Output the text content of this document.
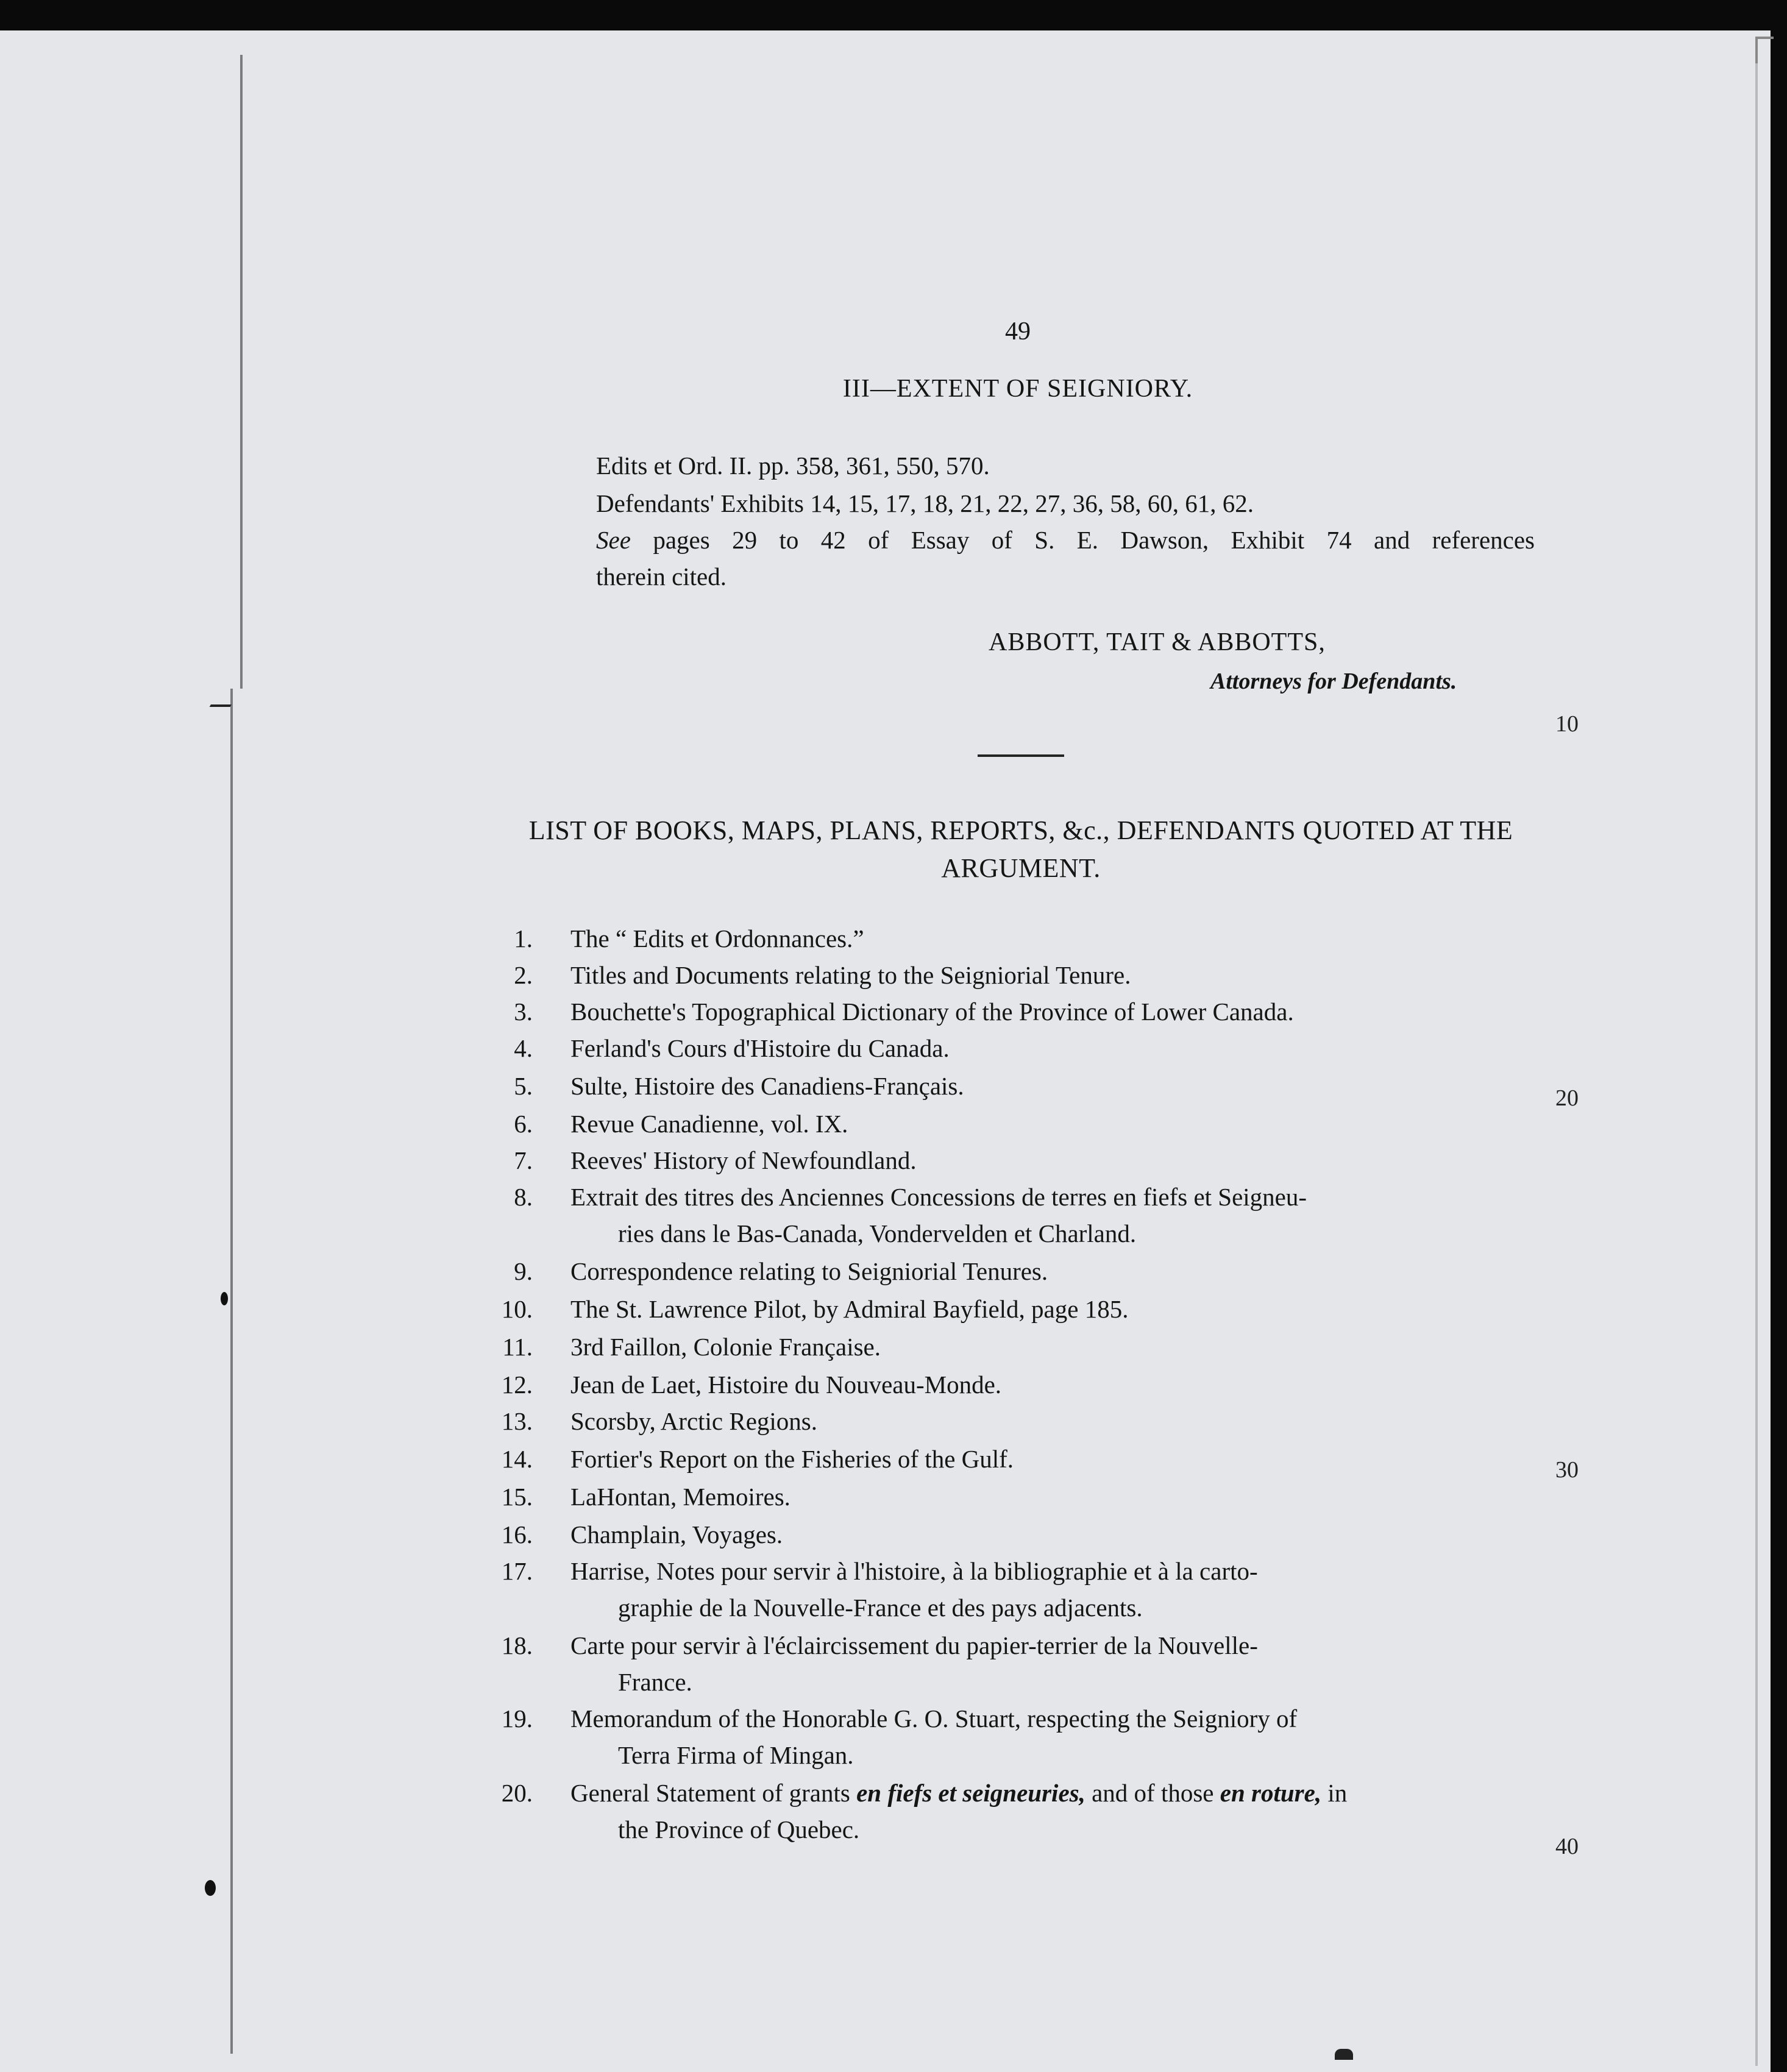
49

III—EXTENT OF SEIGNIORY.

Edits et Ord. II. pp. 358, 361, 550, 570.

Defendants' Exhibits 14, 15, 17, 18, 21, 22, 27, 36, 58, 60, 61, 62.

See pages 29 to 42 of Essay of S. E. Dawson, Exhibit 74 and references

therein cited.

ABBOTT, TAIT & ABBOTTS,

Attorneys for Defendants.

10
20
30
40

LIST OF BOOKS, MAPS, PLANS, REPORTS, &c., DEFENDANTS QUOTED AT THE ARGUMENT.

1. The “ Edits et Ordonnances.”
2. Titles and Documents relating to the Seigniorial Tenure.
3. Bouchette's Topographical Dictionary of the Province of Lower Canada.
4. Ferland's Cours d'Histoire du Canada.
5. Sulte, Histoire des Canadiens-Français.
6. Revue Canadienne, vol. IX.
7. Reeves' History of Newfoundland.
8. Extrait des titres des Anciennes Concessions de terres en fiefs et Seigneu-
ries dans le Bas-Canada, Vondervelden et Charland.
9. Correspondence relating to Seigniorial Tenures.
10. The St. Lawrence Pilot, by Admiral Bayfield, page 185.
11. 3rd Faillon, Colonie Française.
12. Jean de Laet, Histoire du Nouveau-Monde.
13. Scorsby, Arctic Regions.
14. Fortier's Report on the Fisheries of the Gulf.
15. LaHontan, Memoires.
16. Champlain, Voyages.
17. Harrise, Notes pour servir à l'histoire, à la bibliographie et à la carto-
graphie de la Nouvelle-France et des pays adjacents.
18. Carte pour servir à l'éclaircissement du papier-terrier de la Nouvelle-
France.
19. Memorandum of the Honorable G. O. Stuart, respecting the Seigniory of
Terra Firma of Mingan.
20. General Statement of grants en fiefs et seigneuries, and of those en roture, in
the Province of Quebec.
